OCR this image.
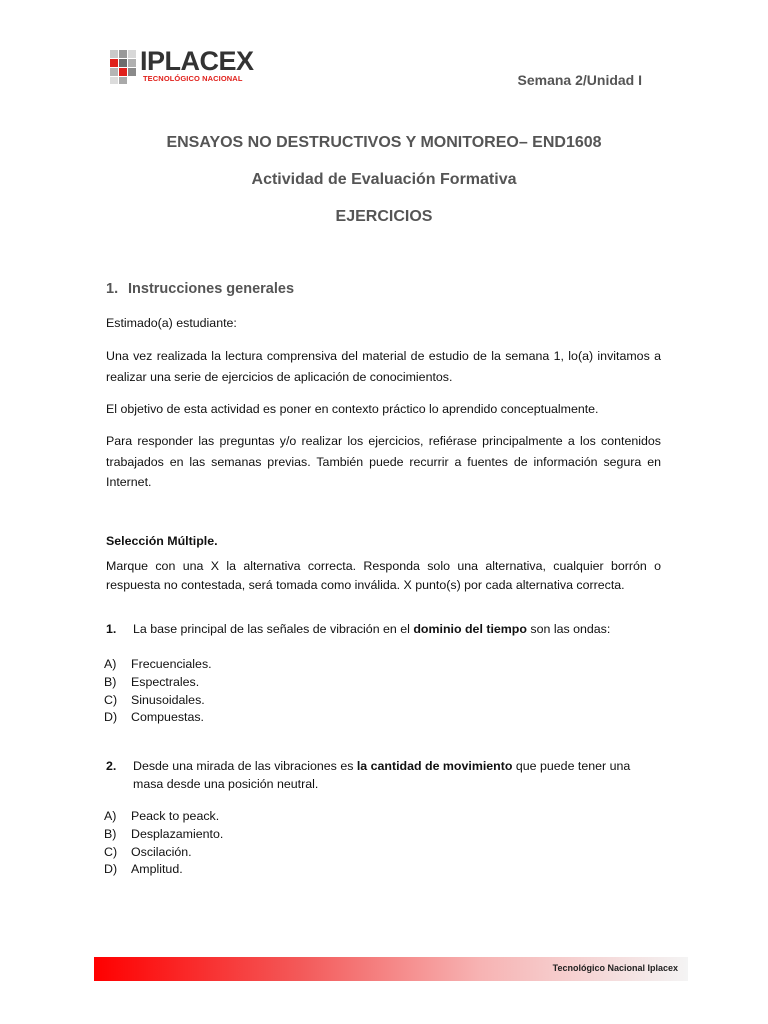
IPLACEX
TECNOLÓGICO NACIONAL	Semana 2/Unidad I
ENSAYOS NO DESTRUCTIVOS Y MONITOREO– END1608
Actividad de Evaluación Formativa
EJERCICIOS
1. Instrucciones generales
Estimado(a) estudiante:
Una vez realizada la lectura comprensiva del material de estudio de la semana 1, lo(a) invitamos a realizar una serie de ejercicios de aplicación de conocimientos.
El objetivo de esta actividad es poner en contexto práctico lo aprendido conceptualmente.
Para responder las preguntas y/o realizar los ejercicios, refiérase principalmente a los contenidos trabajados en las semanas previas. También puede recurrir a fuentes de información segura en Internet.
Selección Múltiple.
Marque con una X la alternativa correcta. Responda solo una alternativa, cualquier borrón o respuesta no contestada, será tomada como inválida. X punto(s) por cada alternativa correcta.
1. La base principal de las señales de vibración en el dominio del tiempo son las ondas:
A)	Frecuenciales.
B)	Espectrales.
C)	Sinusoidales.
D)	Compuestas.
2. Desde una mirada de las vibraciones es la cantidad de movimiento que puede tener una masa desde una posición neutral.
A)	Peack to peack.
B)	Desplazamiento.
C)	Oscilación.
D)	Amplitud.
Tecnológico Nacional Iplacex
